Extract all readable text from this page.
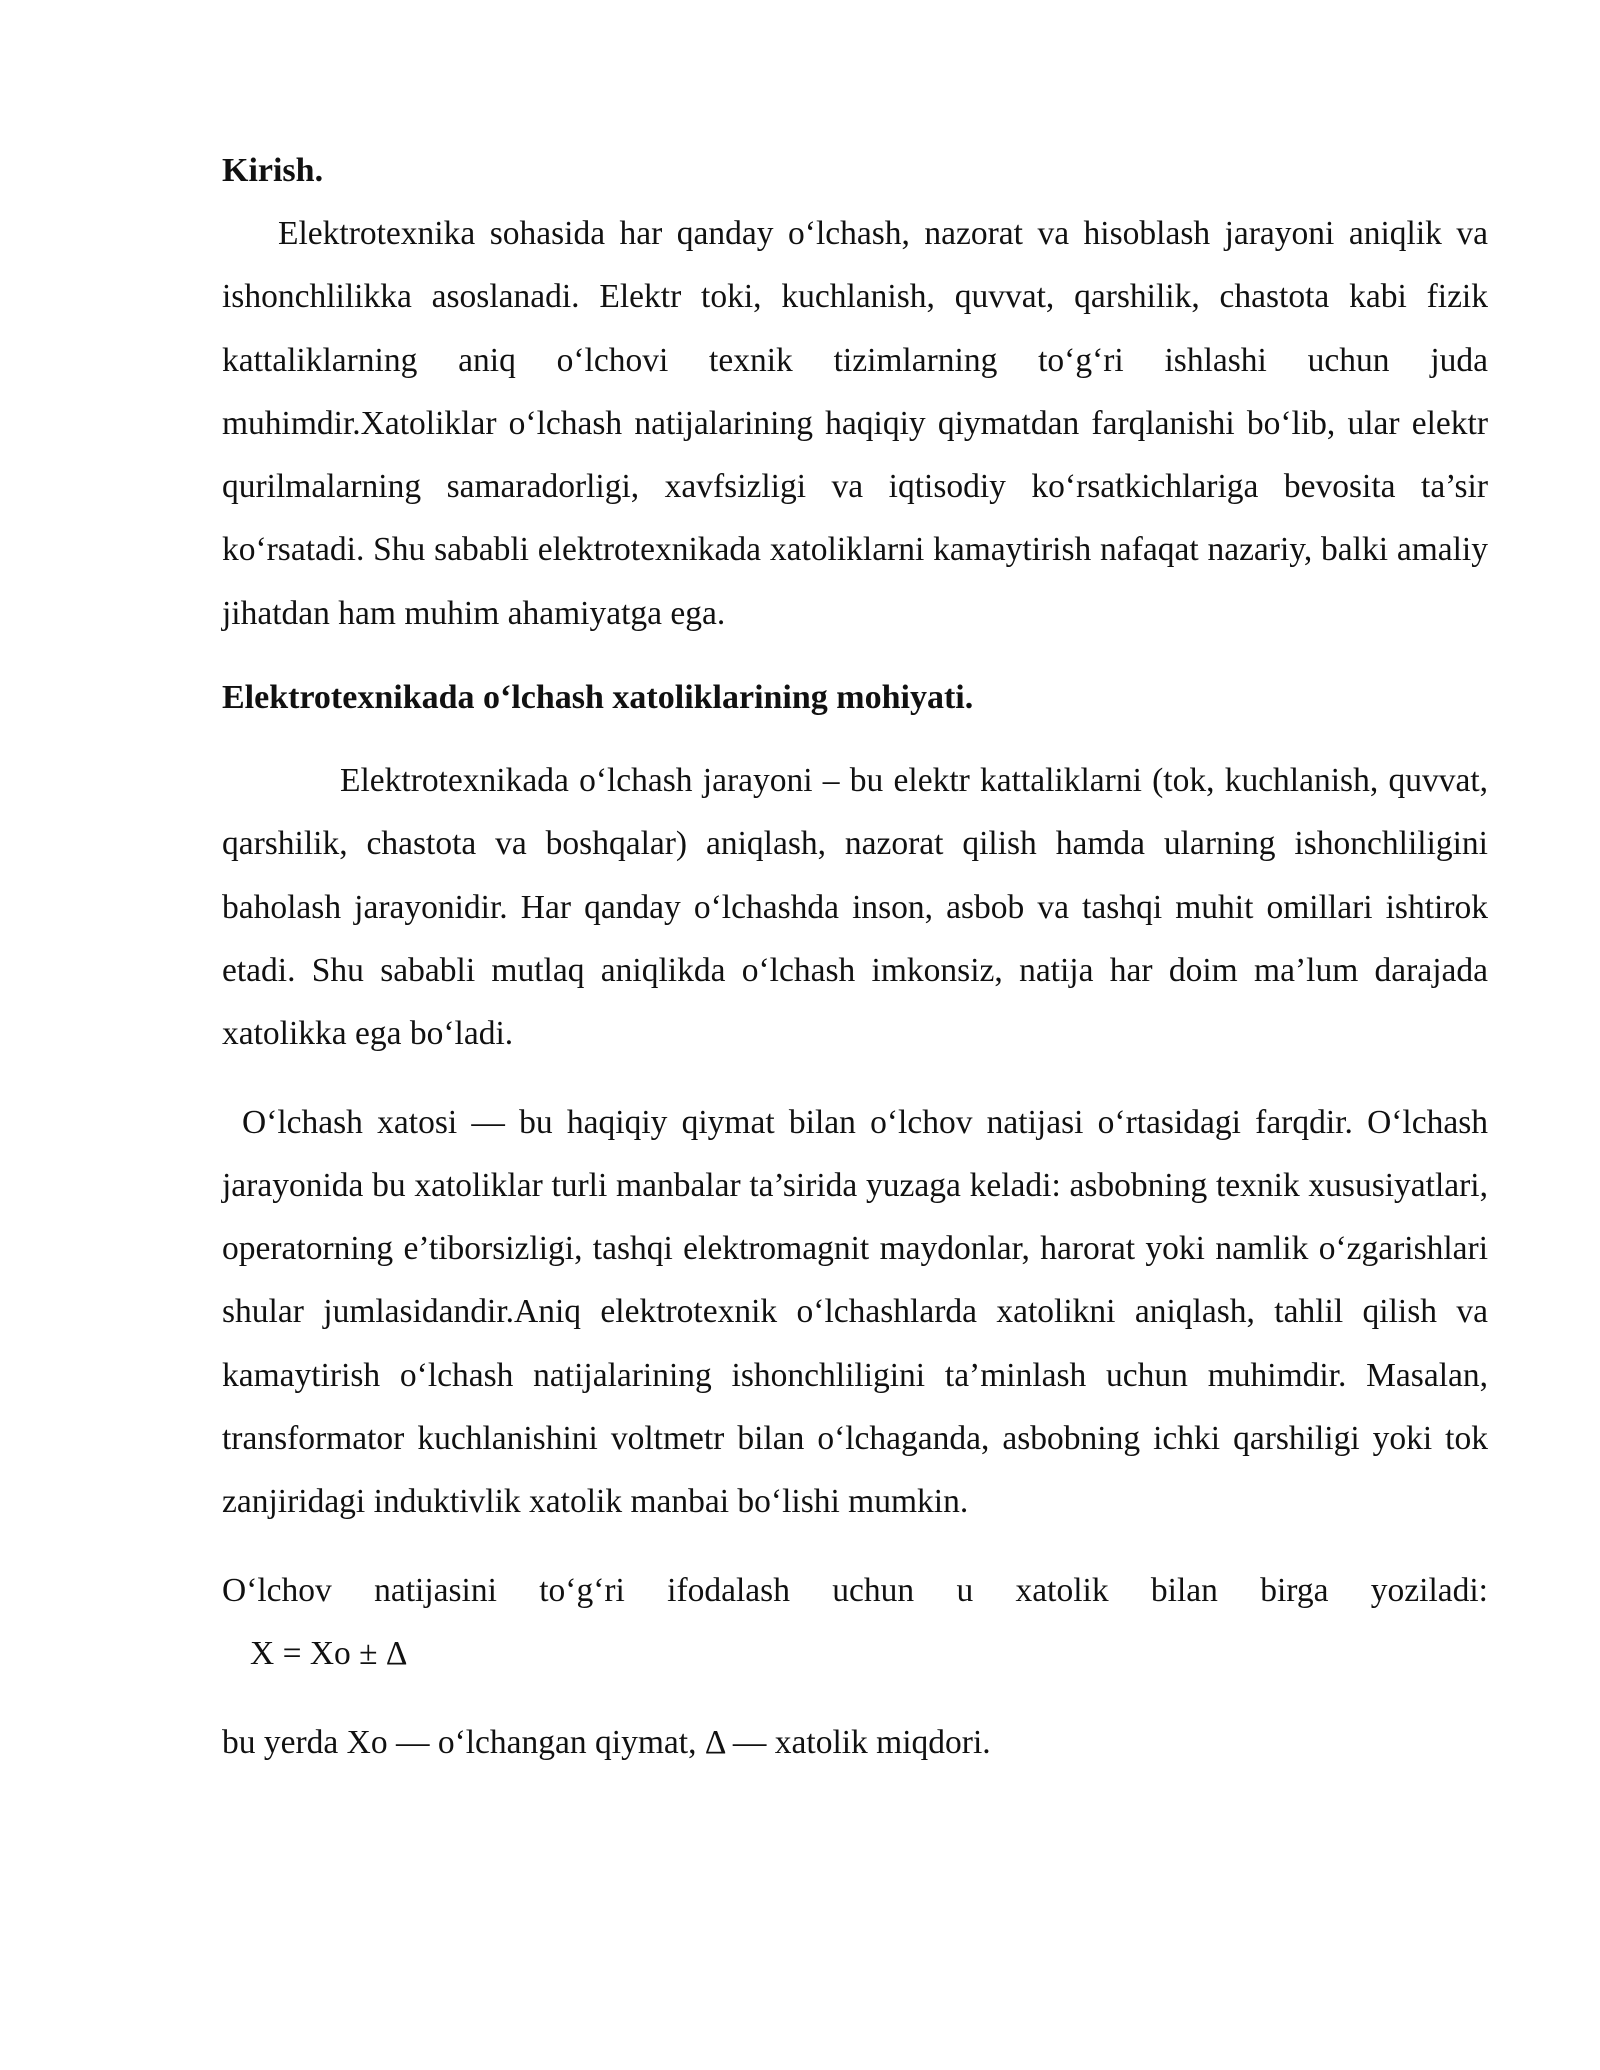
Kirish.

Elektrotexnika sohasida har qanday o‘lchash, nazorat va hisoblash jarayoni aniqlik va ishonchlilikka asoslanadi. Elektr toki, kuchlanish, quvvat, qarshilik, chastota kabi fizik kattaliklarning aniq o‘lchovi texnik tizimlarning to‘g‘ri ishlashi uchun juda muhimdir.Xatoliklar o‘lchash natijalarining haqiqiy qiymatdan farqlanishi bo‘lib, ular elektr qurilmalarning samaradorligi, xavfsizligi va iqtisodiy ko‘rsatkichlariga bevosita ta’sir ko‘rsatadi. Shu sababli elektrotexnikada xatoliklarni kamaytirish nafaqat nazariy, balki amaliy jihatdan ham muhim ahamiyatga ega.

Elektrotexnikada o‘lchash xatoliklarining mohiyati.

Elektrotexnikada o‘lchash jarayoni – bu elektr kattaliklarni (tok, kuchlanish, quvvat, qarshilik, chastota va boshqalar) aniqlash, nazorat qilish hamda ularning ishonchliligini baholash jarayonidir. Har qanday o‘lchashda inson, asbob va tashqi muhit omillari ishtirok etadi. Shu sababli mutlaq aniqlikda o‘lchash imkonsiz, natija har doim ma’lum darajada xatolikka ega bo‘ladi.

O‘lchash xatosi — bu haqiqiy qiymat bilan o‘lchov natijasi o‘rtasidagi farqdir. O‘lchash jarayonida bu xatoliklar turli manbalar ta’sirida yuzaga keladi: asbobning texnik xususiyatlari, operatorning e’tiborsizligi, tashqi elektromagnit maydonlar, harorat yoki namlik o‘zgarishlari shular jumlasidandir.Aniq elektrotexnik o‘lchashlarda xatolikni aniqlash, tahlil qilish va kamaytirish o‘lchash natijalarining ishonchliligini ta’minlash uchun muhimdir. Masalan, transformator kuchlanishini voltmetr bilan o‘lchaganda, asbobning ichki qarshiligi yoki tok zanjiridagi induktivlik xatolik manbai bo‘lishi mumkin.

O‘lchov natijasini to‘g‘ri ifodalash uchun u xatolik bilan birga yoziladi:

X = Xo ± Δ

bu yerda Xo — o‘lchangan qiymat, Δ — xatolik miqdori.
